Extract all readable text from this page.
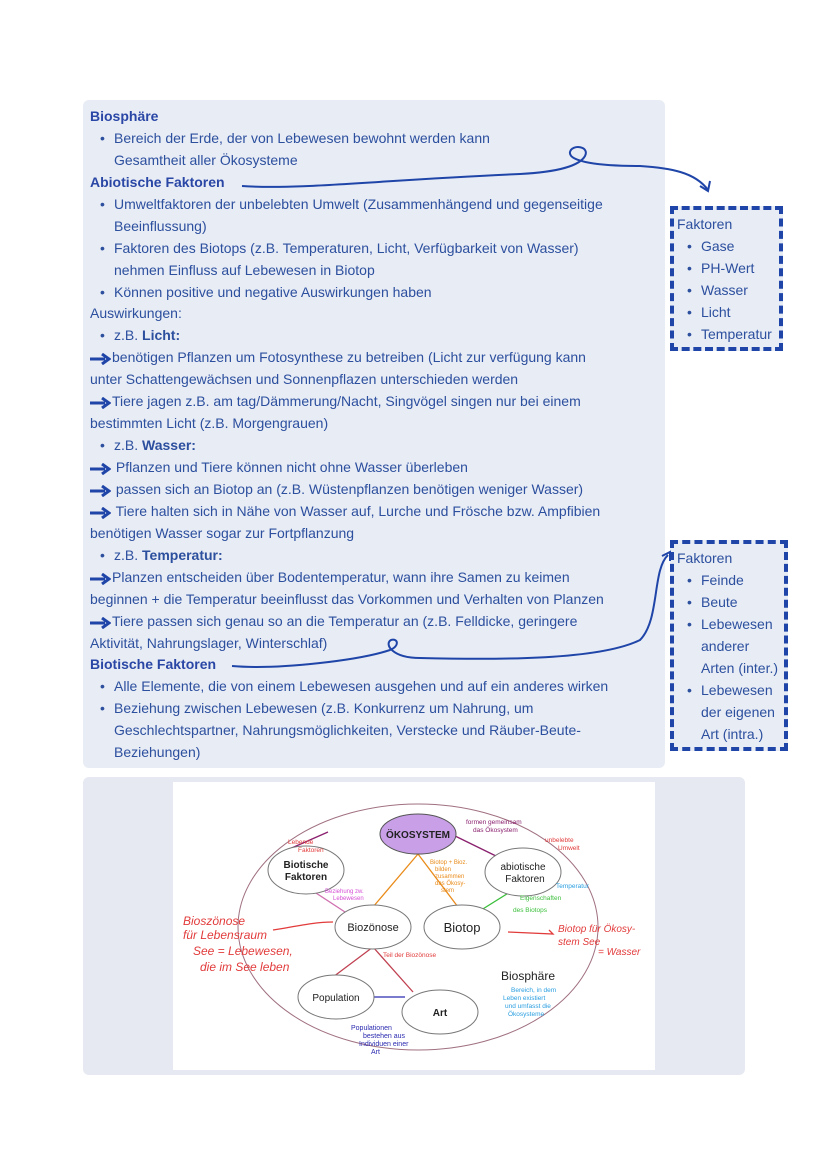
Biosphäre
• Bereich der Erde, der von Lebewesen bewohnt werden kann
Gesamtheit aller Ökosysteme
Abiotische Faktoren
• Umweltfaktoren der unbelebten Umwelt (Zusammenhängend und gegenseitige
Beeinflussung)
• Faktoren des Biotops (z.B. Temperaturen, Licht, Verfügbarkeit von Wasser)
nehmen Einfluss auf Lebewesen in Biotop
• Können positive und negative Auswirkungen haben
Auswirkungen:
• z.B. Licht:
benötigen Pflanzen um Fotosynthese zu betreiben (Licht zur verfügung kann
unter Schattengewächsen und Sonnenpflazen unterschieden werden
Tiere jagen z.B. am tag/Dämmerung/Nacht, Singvögel singen nur bei einem
bestimmten Licht (z.B. Morgengrauen)
• z.B. Wasser:
Pflanzen und Tiere können nicht ohne Wasser überleben
passen sich an Biotop an (z.B. Wüstenpflanzen benötigen weniger Wasser)
Tiere halten sich in Nähe von Wasser auf, Lurche und Frösche bzw. Ampfibien
benötigen Wasser sogar zur Fortpflanzung
• z.B. Temperatur:
Planzen entscheiden über Bodentemperatur, wann ihre Samen zu keimen
beginnen + die Temperatur beeinflusst das Vorkommen und Verhalten von Planzen
Tiere passen sich genau so an die Temperatur an (z.B. Felldicke, geringere
Aktivität, Nahrungslager, Winterschlaf)
Biotische Faktoren
• Alle Elemente, die von einem Lebewesen ausgehen und auf ein anderes wirken
• Beziehung zwischen Lebewesen (z.B. Konkurrenz um Nahrung, um
Geschlechtspartner, Nahrungsmöglichkeiten, Verstecke und Räuber-Beute-
Beziehungen)
Faktoren
• Gase
• PH-Wert
• Wasser
• Licht
• Temperatur
Faktoren
• Feinde
• Beute
• Lebewesen
anderer
Arten (inter.)
• Lebewesen
der eigenen
Art (intra.)
ÖKOSYSTEM
Biotische
Faktoren
abiotische
Faktoren
Biozönose	Biotop
Population
Art
Biosphäre
Lebende
Faktoren
unbelebte
Umwelt
Teil der Biozönose
formen gemeinsam
das Ökosystem
Biotop + Bioz.
bilden
zusammen
das Ökosy-
stem
Beziehung zw.
Lebewesen
Temperatur
Eigenschaften
des Biotops
Bioszönose
für Lebensraum
See = Lebewesen,
die im See leben
Biotop für Ökosy-
stem See
= Wasser
Bereich, in dem
Leben existiert
und umfasst die
Ökosysteme
Populationen
bestehen aus
Individuen einer
Art
